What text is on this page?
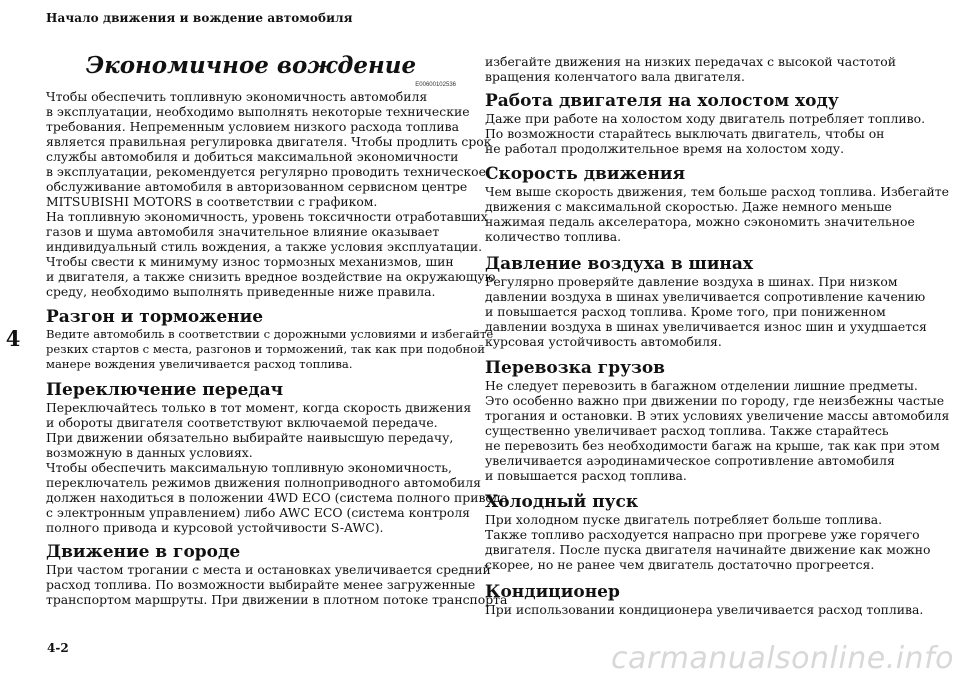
Начало движения и вождение автомобиля
4
4-2	carmanualsonline.info
Экономичное вождение
E00600102536

Чтобы обеспечить топливную экономичность автомобиля

в эксплуатации, необходимо выполнять некоторые технические

требования. Непременным условием низкого расхода топлива

является правильная регулировка двигателя. Чтобы продлить срок

службы автомобиля и добиться максимальной экономичности

в эксплуатации, рекомендуется регулярно проводить техническое

обслуживание автомобиля в авторизованном сервисном центре

MITSUBISHI MOTORS в соответствии с графиком.

На топливную экономичность, уровень токсичности отработавших

газов и шума автомобиля значительное влияние оказывает

индивидуальный стиль вождения, а также условия эксплуатации.

Чтобы свести к минимуму износ тормозных механизмов, шин

и двигателя, а также снизить вредное воздействие на окружающую

среду, необходимо выполнять приведенные ниже правила.

Разгон и торможение

Ведите автомобиль в соответствии с дорожными условиями и избегайте

резких стартов с места, разгонов и торможений, так как при подобной

манере вождения увеличивается расход топлива.

Переключение передач

Переключайтесь только в тот момент, когда скорость движения

и обороты двигателя соответствуют включаемой передаче.

При движении обязательно выбирайте наивысшую передачу,

возможную в данных условиях.

Чтобы обеспечить максимальную топливную экономичность,

переключатель режимов движения полноприводного автомобиля

должен находиться в положении 4WD ECO (система полного привода

с электронным управлением) либо AWC ECO (система контроля

полного привода и курсовой устойчивости S-AWC).

Движение в городе

При частом трогании с места и остановках увеличивается средний

расход топлива. По возможности выбирайте менее загруженные

транспортом маршруты. При движении в плотном потоке транспорта

избегайте движения на низких передачах с высокой частотой

вращения коленчатого вала двигателя.

Работа двигателя на холостом ходу

Даже при работе на холостом ходу двигатель потребляет топливо.

По возможности старайтесь выключать двигатель, чтобы он

не работал продолжительное время на холостом ходу.

Скорость движения

Чем выше скорость движения, тем больше расход топлива. Избегайте

движения с максимальной скоростью. Даже немного меньше

нажимая педаль акселератора, можно сэкономить значительное

количество топлива.

Давление воздуха в шинах

Регулярно проверяйте давление воздуха в шинах. При низком

давлении воздуха в шинах увеличивается сопротивление качению

и повышается расход топлива. Кроме того, при пониженном

давлении воздуха в шинах увеличивается износ шин и ухудшается

курсовая устойчивость автомобиля.

Перевозка грузов

Не следует перевозить в багажном отделении лишние предметы.

Это особенно важно при движении по городу, где неизбежны частые

трогания и остановки. В этих условиях увеличение массы автомобиля

существенно увеличивает расход топлива. Также старайтесь

не перевозить без необходимости багаж на крыше, так как при этом

увеличивается аэродинамическое сопротивление автомобиля

и повышается расход топлива.

Холодный пуск

При холодном пуске двигатель потребляет больше топлива.

Также топливо расходуется напрасно при прогреве уже горячего

двигателя. После пуска двигателя начинайте движение как можно

скорее, но не ранее чем двигатель достаточно прогреется.

Кондиционер

При использовании кондиционера увеличивается расход топлива.
